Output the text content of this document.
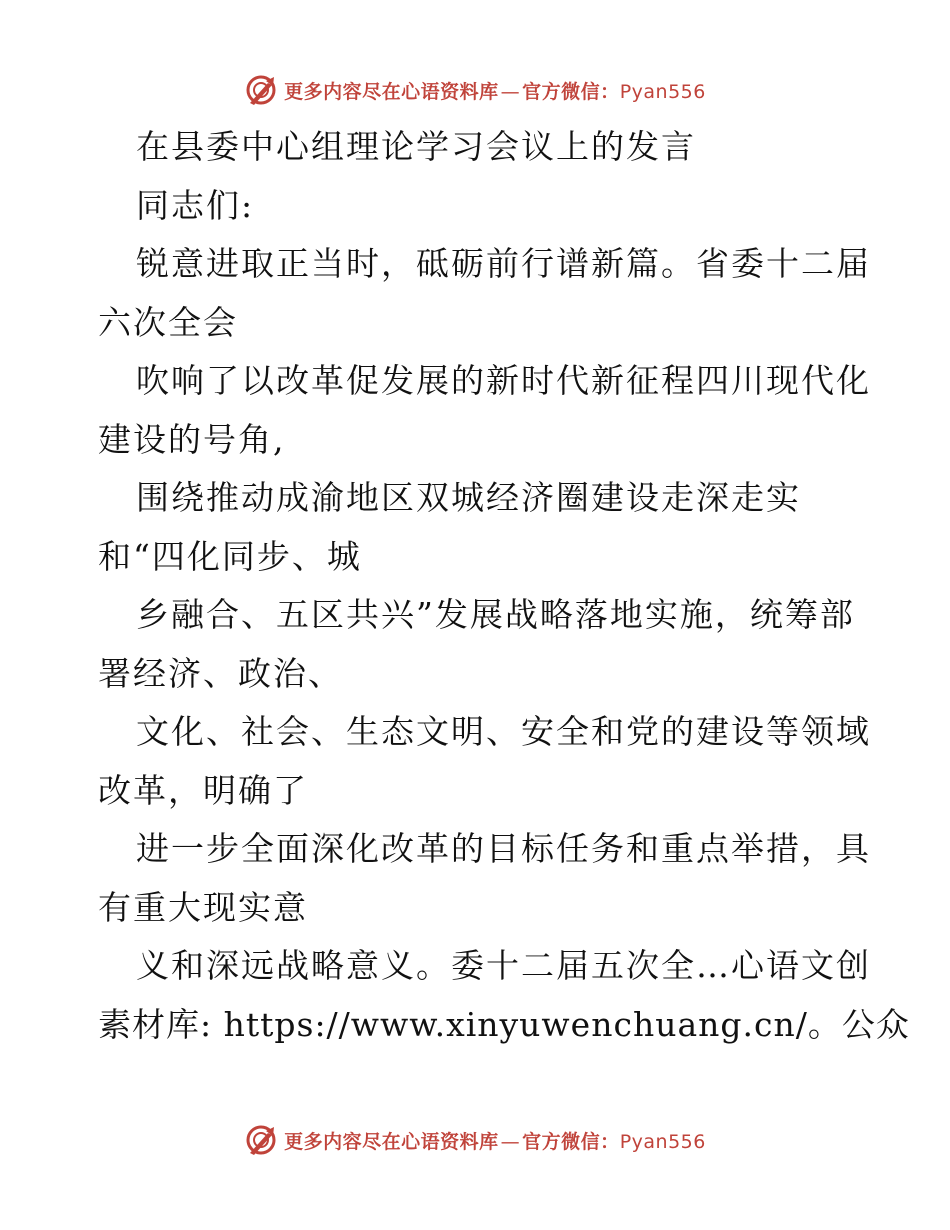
更多内容尽在心语资料库 — 官方微信：Pyan556
在县委中心组理论学习会议上的发言
同志们:
锐意进取正当时，砥砺前行谱新篇。省委十二届
六次全会
吹响了以改革促发展的新时代新征程四川现代化
建设的号角,
围绕推动成渝地区双城经济圈建设走深走实
和“四化同步、城
乡融合、五区共兴”发展战略落地实施，统筹部
署经济、政治、
文化、社会、生态文明、安全和党的建设等领域
改革，明确了
进一步全面深化改革的目标任务和重点举措，具
有重大现实意
义和深远战略意义。委十二届五次全…心语文创
素材库: https://www.xinyuwenchuang.cn/。公众
更多内容尽在心语资料库 — 官方微信：Pyan556
